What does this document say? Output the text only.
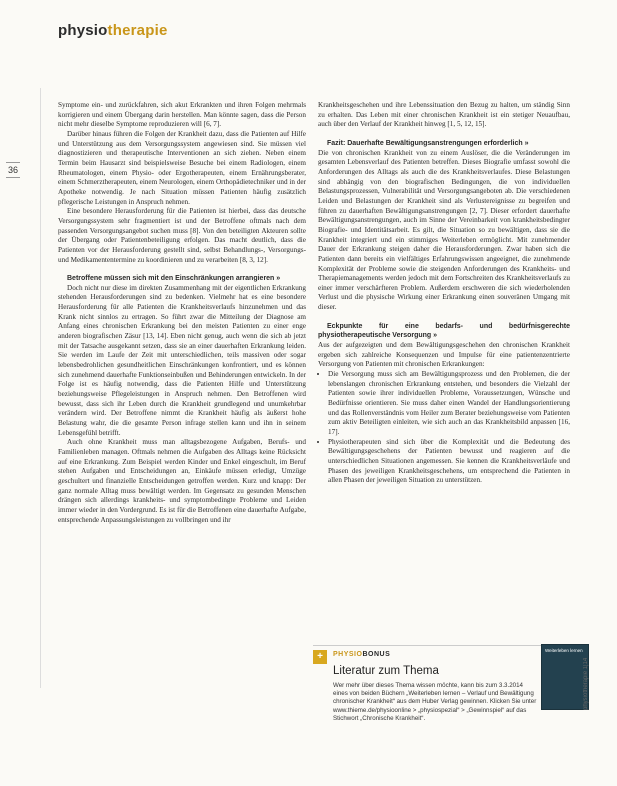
physiotherapie
36

Symptome ein- und zurückfahren, sich akut Erkrankten und ihren Folgen mehrmals korrigieren und einem Übergang darin herstellen. Man könnte sagen, dass die Person nicht mehr dieselbe Symptome reproduzieren will [6, 7].

Darüber hinaus führen die Folgen der Krankheit dazu, dass die Patienten auf Hilfe und Unterstützung aus dem Versorgungssystem angewiesen sind. Sie müssen viel diagnostizieren und therapeutische Interventionen an sich ziehen. Neben einem Termin beim Hausarzt sind beispielsweise Besuche bei einem Radiologen, einem Rheumatologen, einem Physio- oder Ergotherapeuten, einem Ernährungsberater, einem Schmerztherapeuten, einem Neurologen, einem Orthopädietechniker und in der Apotheke notwendig. Je nach Situation müssen Patienten häufig zusätzlich pflegerische Leistungen in Anspruch nehmen.

Eine besondere Herausforderung für die Patienten ist hierbei, dass das deutsche Versorgungssystem sehr fragmentiert ist und der Betroffene oftmals nach dem passenden Versorgungsangebot suchen muss [8]. Von den beteiligten Akteuren sollte der Übergang oder Patientenbeteiligung erfolgen. Das macht deutlich, dass die Patienten vor der Herausforderung gestellt sind, selbst Behandlungs-, Versorgungs- und Medikamententermine zu koordinieren und zu verarbeiten [8, 3, 12].

Betroffene müssen sich mit den Einschränkungen arrangieren »

Doch nicht nur diese im direkten Zusammenhang mit der eigentlichen Erkrankung stehenden Herausforderungen sind zu bedenken. Vielmehr hat es eine besondere Herausforderung für alle Patienten die Krankheitsverlaufs hinzunehmen und das Krank nicht sinnlos zu ertragen. So führt zwar die Mitteilung der Diagnose am Anfang eines chronischen Erkrankung bei den meisten Patienten zu einer enge anderen biografischen Zäsur [13, 14]. Eben nicht genug, auch wenn die sich ab jetzt mit der Tatsache ausgekannt setzen, dass sie an einer dauerhaften Erkrankung leiden. Sie werden im Laufe der Zeit mit unterschiedlichen, teils massiven oder sogar lebensbedrohlichen gesundheitlichen Einschränkungen konfrontiert, und es können sich zunehmend dauerhafte Funktionseinbußen und Behinderungen entwickeln. In der Folge ist es häufig notwendig, dass die Patienten Hilfe und Unterstützung beziehungsweise Pflegeleistungen in Anspruch nehmen. Den Betroffenen wird bewusst, dass sich ihr Leben durch die Krankheit grundlegend und unumkehrbar verändern wird. Der Betroffene nimmt die Krankheit häufig als äußerst hohe Belastung wahr, die die gesamte Person infrage stellen kann und ihn in seinem Lebensgefühl betrifft.

Auch ohne Krankheit muss man alltagsbezogene Aufgaben, Berufs- und Familienleben managen. Oftmals nehmen die Aufgaben des Alltags keine Rücksicht auf eine Erkrankung. Zum Beispiel werden Kinder und Enkel eingeschult, im Beruf stehen Aufgaben und Entscheidungen an, Einkäufe müssen erledigt, Umzüge geschultert und finanzielle Entscheidungen getroffen werden. Kurz und knapp: Der ganz normale Alltag muss bewältigt werden. Im Gegensatz zu gesunden Menschen drängen sich allerdings krankheits- und symptombedingte Probleme und Leiden immer wieder in den Vordergrund. Es ist für die Betroffenen eine dauerhafte Aufgabe, entsprechende Anpassungsleistungen zu vollbringen und ihr

Krankheitsgeschehen und ihre Lebenssituation den Bezug zu halten, um ständig Sinn zu erhalten. Das Leben mit einer chronischen Krankheit ist ein stetiger Neuaufbau, auch über den Verlauf der Krankheit hinweg [1, 5, 12, 15].

Fazit: Dauerhafte Bewältigungsanstrengungen erforderlich »

Die von chronischen Krankheit von zu einem Auslöser, die die Veränderungen im gesamten Lebensverlauf des Patienten betreffen. Dieses Biografie umfasst sowohl die Anforderungen des Alltags als auch die des Krankheitsverlaufes. Diese Belastungen sind abhängig von den biografischen Bedingungen, die von individuellen Belastungsprozessen, Vulnerabilität und Versorgungsangeboten ab. Die verschiedenen Leiden und Belastungen der Krankheit sind als Verlustereignisse zu begreifen und führen zu dauerhaften Bewältigungsanstrengungen [2, 7]. Dieser erfordert dauerhafte Bewältigungsanstrengungen, auch im Sinne der Vereinbarkeit von krankheitsbedingter Biografie- und Identitätsarbeit. Es gilt, die Situation so zu bewältigen, dass sie die Krankheit integriert und ein stimmiges Weiterleben ermöglicht. Mit zunehmender Dauer der Erkrankung steigen daher die Herausforderungen. Zwar haben sich die Patienten dann bereits ein vielfältiges Erfahrungswissen angeeignet, die zunehmende Komplexität der Probleme sowie die steigenden Anforderungen des Krankheits- und Therapiemanagements werden jedoch mit dem Fortschreiten des Krankheitsverlaufs zu einer immer verschärfteren Problem. Außerdem erschweren die sich wiederholenden Verlust und die physische Wirkung einer Erkrankung einen souveränen Umgang mit dieser.

Eckpunkte für eine bedarfs- und bedürfnisgerechte physiotherapeutische Versorgung »

Aus der aufgezeigten und dem Bewältigungsgeschehen den chronischen Krankheit ergeben sich zahlreiche Konsequenzen und Impulse für eine patientenzentrierte Versorgung von Patienten mit chronischen Erkrankungen:

• Die Versorgung muss sich am Bewältigungsprozess und den Problemen, die der lebenslangen chronischen Erkrankung entstehen, und besonders die Vielzahl der Patienten sowie ihrer individuellen Probleme, Voraussetzungen, Wünsche und Bedürfnisse orientieren. Sie muss daher einen Wandel der Handlungsorientierung und das Rollenverständnis vom Heiler zum Berater beziehungsweise vom Patienten zum aktiv Beteiligten einleiten, wie sich auch an das Krankheitsbild anpassen [16, 17].
• Physiotherapeuten sind sich über die Komplexität und die Bedeutung des Bewältigungsgeschehens der Patienten bewusst und reagieren auf die unterschiedlichen Situationen angemessen. Sie kennen die Krankheitsverläufe und Phasen des jeweiligen Krankheitsgeschehens, um entsprechend die Patienten in allen Phasen der jeweiligen Situation zu unterstützen.
+	PHYSIOBONUS
Literatur zum Thema
Wer mehr über dieses Thema wissen möchte, kann bis zum 3.3.2014 eines von beiden Büchern „Weiterleben lernen – Verlauf und Bewältigung chronischer Krankheit“ aus dem Huber Verlag gewinnen. Klicken Sie unter www.thieme.de/physioonline > „physiospezial“ > „Gewinnspiel“ auf das Stichwort „Chronische Krankheit“.
Weiterleben lernen
physiotherapie 1|14
